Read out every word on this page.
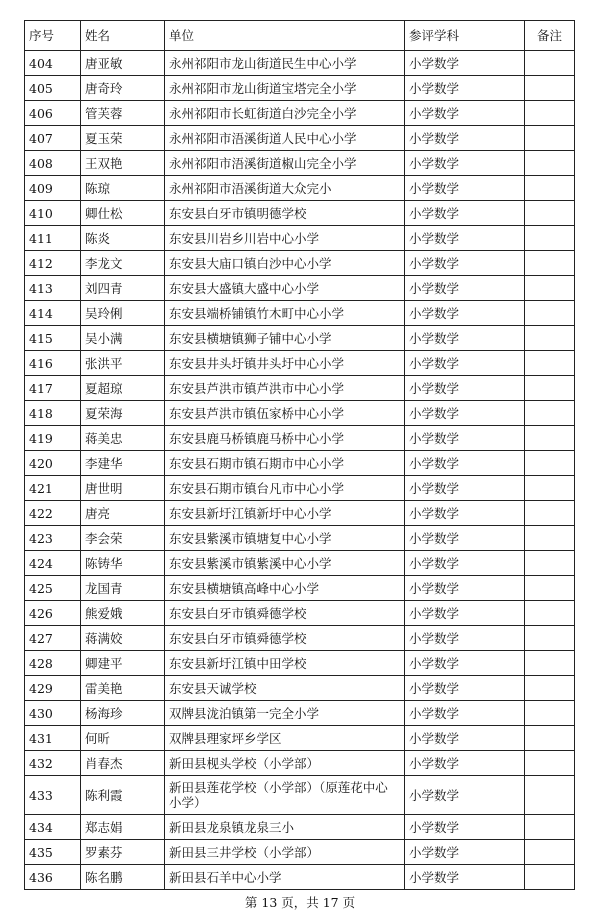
序号	姓名	单位	参评学科	备注
404	唐亚敏	永州祁阳市龙山街道民生中心小学	小学数学	
405	唐奇玲	永州祁阳市龙山街道宝塔完全小学	小学数学	
406	管芙蓉	永州祁阳市长虹街道白沙完全小学	小学数学	
407	夏玉荣	永州祁阳市浯溪街道人民中心小学	小学数学	
408	王双艳	永州祁阳市浯溪街道椒山完全小学	小学数学	
409	陈琼	永州祁阳市浯溪街道大众完小	小学数学	
410	卿仕松	东安县白牙市镇明德学校	小学数学	
411	陈炎	东安县川岩乡川岩中心小学	小学数学	
412	李龙文	东安县大庙口镇白沙中心小学	小学数学	
413	刘四青	东安县大盛镇大盛中心小学	小学数学	
414	吴玲俐	东安县端桥铺镇竹木町中心小学	小学数学	
415	吴小满	东安县横塘镇狮子铺中心小学	小学数学	
416	张洪平	东安县井头圩镇井头圩中心小学	小学数学	
417	夏超琼	东安县芦洪市镇芦洪市中心小学	小学数学	
418	夏荣海	东安县芦洪市镇伍家桥中心小学	小学数学	
419	蒋美忠	东安县鹿马桥镇鹿马桥中心小学	小学数学	
420	李建华	东安县石期市镇石期市中心小学	小学数学	
421	唐世明	东安县石期市镇台凡市中心小学	小学数学	
422	唐亮	东安县新圩江镇新圩中心小学	小学数学	
423	李会荣	东安县紫溪市镇塘复中心小学	小学数学	
424	陈铸华	东安县紫溪市镇紫溪中心小学	小学数学	
425	龙国青	东安县横塘镇高峰中心小学	小学数学	
426	熊爱娥	东安县白牙市镇舜德学校	小学数学	
427	蒋满姣	东安县白牙市镇舜德学校	小学数学	
428	卿建平	东安县新圩江镇中田学校	小学数学	
429	雷美艳	东安县天诚学校	小学数学	
430	杨海珍	双牌县泷泊镇第一完全小学	小学数学	
431	何昕	双牌县理家坪乡学区	小学数学	
432	肖春杰	新田县枧头学校（小学部）	小学数学	
433	陈利霞	新田县莲花学校（小学部）（原莲花中心小学）	小学数学	
434	郑志娟	新田县龙泉镇龙泉三小	小学数学	
435	罗素芬	新田县三井学校（小学部）	小学数学	
436	陈名鹏	新田县石羊中心小学	小学数学	
第 13 页，共 17 页
